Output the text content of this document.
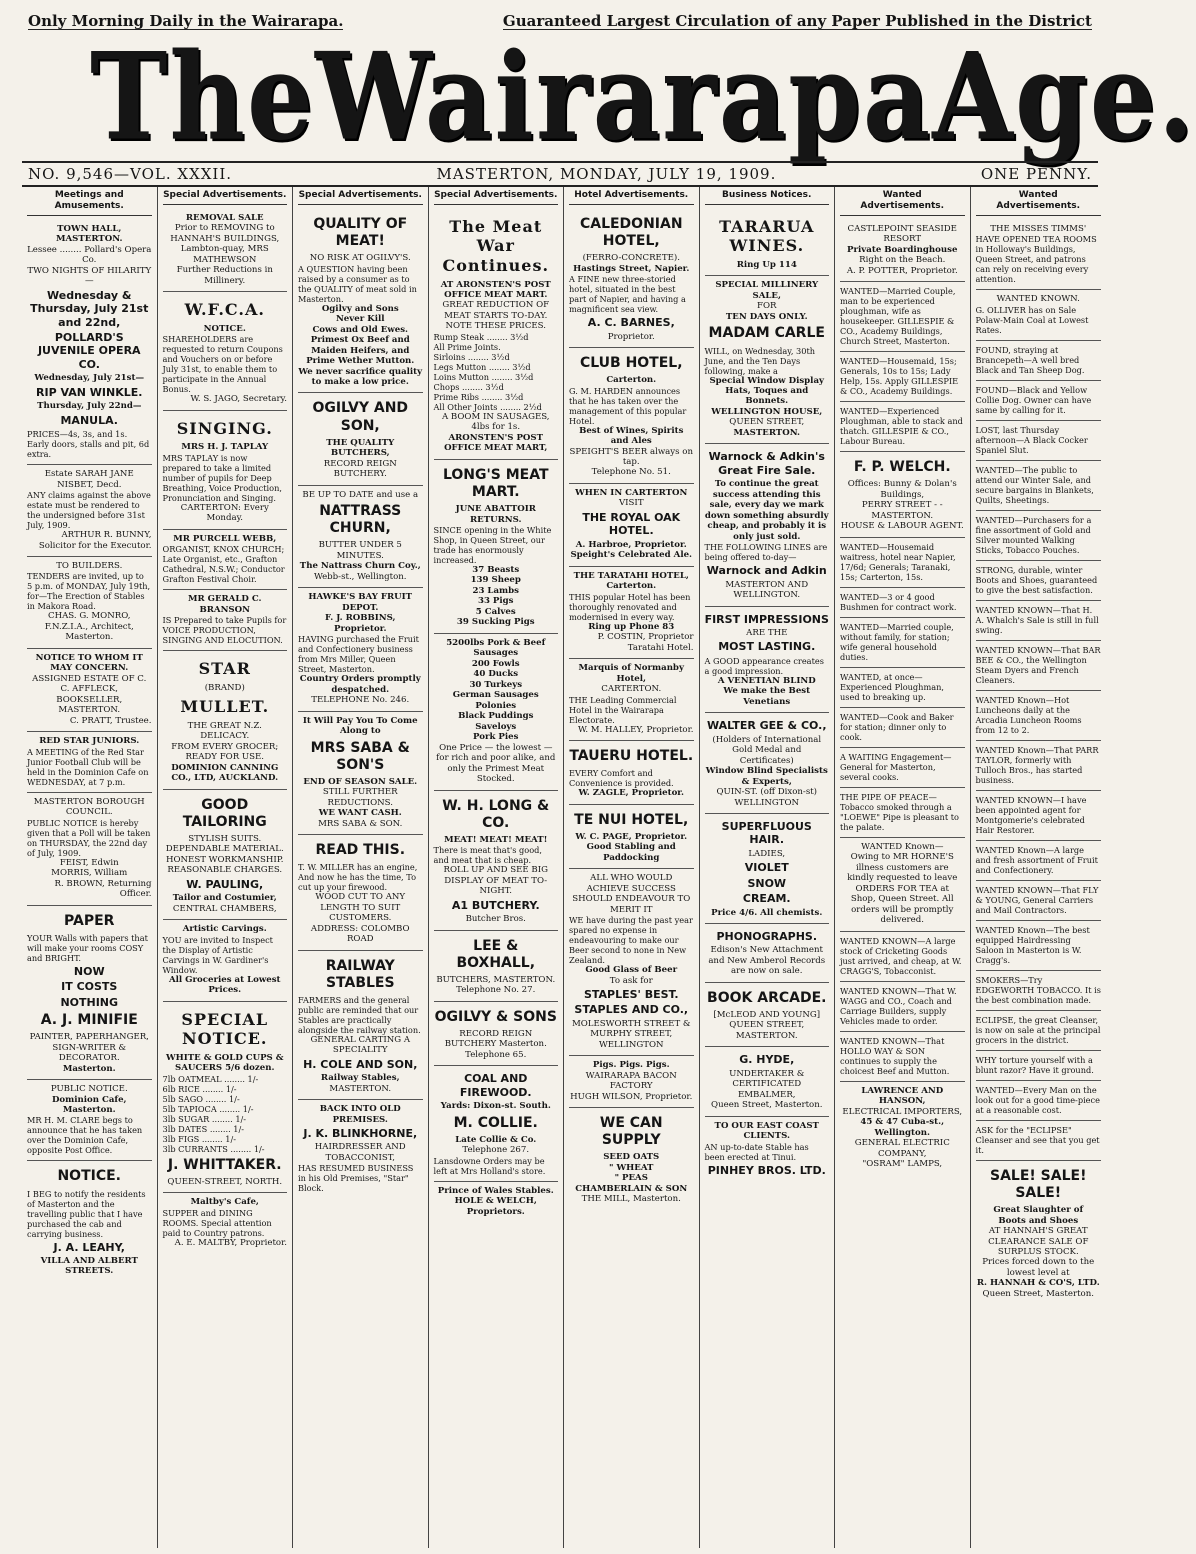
Only Morning Daily in the Wairarapa.	Guaranteed Largest Circulation of any Paper Published in the District
The Wairarapa Age.
NO. 9,546—VOL. XXXII.	MASTERTON, MONDAY, JULY 19, 1909.	ONE PENNY.
Meetings and Amusements.
TOWN HALL, MASTERTON.
Lessee ........ Pollard's Opera Co.
TWO NIGHTS OF HILARITY—
Wednesday & Thursday, July 21st and 22nd,
POLLARD'S JUVENILE OPERA CO.
Wednesday, July 21st—
RIP VAN WINKLE.
Thursday, July 22nd—
MANULA.
PRICES—4s, 3s, and 1s. Early doors, stalls and pit, 6d extra.
Estate SARAH JANE NISBET, Decd.
ANY claims against the above estate must be rendered to the undersigned before 31st July, 1909.
ARTHUR R. BUNNY, Solicitor for the Executor.
TO BUILDERS.
TENDERS are invited, up to 5 p.m. of MONDAY, July 19th, for—The Erection of Stables in Makora Road.
CHAS. G. MONRO, F.N.Z.I.A., Architect, Masterton.
NOTICE TO WHOM IT MAY CONCERN.
ASSIGNED ESTATE OF C. C. AFFLECK, BOOKSELLER, MASTERTON.
C. PRATT, Trustee.
RED STAR JUNIORS.
A MEETING of the Red Star Junior Football Club will be held in the Dominion Cafe on WEDNESDAY, at 7 p.m.
MASTERTON BOROUGH COUNCIL.
PUBLIC NOTICE is hereby given that a Poll will be taken on THURSDAY, the 22nd day of July, 1909.
FEIST, Edwin
MORRIS, William
R. BROWN, Returning Officer.
PAPER
YOUR Walls with papers that will make your rooms COSY and BRIGHT.
NOW
IT COSTS
NOTHING
A. J. MINIFIE
PAINTER, PAPERHANGER, SIGN-WRITER & DECORATOR.
Masterton.
PUBLIC NOTICE.
Dominion Cafe, Masterton.
MR H. M. CLARE begs to announce that he has taken over the Dominion Cafe, opposite Post Office.
NOTICE.
I BEG to notify the residents of Masterton and the travelling public that I have purchased the cab and carrying business.
J. A. LEAHY,
VILLA AND ALBERT STREETS.
Special Advertisements.
REMOVAL SALE
Prior to REMOVING to HANNAH'S BUILDINGS, Lambton-quay, MRS MATHEWSON
Further Reductions in Millinery.
W.F.C.A.
NOTICE.
SHAREHOLDERS are requested to return Coupons and Vouchers on or before July 31st, to enable them to participate in the Annual Bonus.
W. S. JAGO, Secretary.
SINGING.
MRS H. J. TAPLAY
MRS TAPLAY is now prepared to take a limited number of pupils for Deep Breathing, Voice Production, Pronunciation and Singing.
CARTERTON: Every Monday.
MR PURCELL WEBB,
ORGANIST, KNOX CHURCH; Late Organist, etc., Grafton Cathedral, N.S.W.; Conductor Grafton Festival Choir.
MR GERALD C. BRANSON
IS Prepared to take Pupils for VOICE PRODUCTION, SINGING AND ELOCUTION.
STAR
(BRAND)
MULLET.
THE GREAT N.Z. DELICACY.
FROM EVERY GROCER; READY FOR USE.
DOMINION CANNING CO., LTD, AUCKLAND.
GOOD TAILORING
STYLISH SUITS. DEPENDABLE MATERIAL. HONEST WORKMANSHIP. REASONABLE CHARGES.
W. PAULING,
Tailor and Costumier,
CENTRAL CHAMBERS,
Artistic Carvings.
YOU are invited to Inspect the Display of Artistic Carvings in W. Gardiner's Window.
All Groceries at Lowest Prices.
SPECIAL NOTICE.
WHITE & GOLD CUPS & SAUCERS 5/6 dozen.
7lb OATMEAL ........ 1/-
6lb RICE ........ 1/-
5lb SAGO ........ 1/-
5lb TAPIOCA ........ 1/-
3lb SUGAR ........ 1/-
3lb DATES ........ 1/-
3lb FIGS ........ 1/-
3lb CURRANTS ........ 1/-
J. WHITTAKER.
QUEEN-STREET, NORTH.
Maltby's Cafe,
SUPPER and DINING ROOMS. Special attention paid to Country patrons.
A. E. MALTBY, Proprietor.
Special Advertisements.
QUALITY OF MEAT!
NO RISK AT OGILVY'S.
A QUESTION having been raised by a consumer as to the QUALITY of meat sold in Masterton.
Ogilvy and Sons
Never Kill
Cows and Old Ewes.
Primest Ox Beef and Maiden Heifers, and
Prime Wether Mutton.
We never sacrifice quality to make a low price.
OGILVY AND SON,
THE QUALITY BUTCHERS,
RECORD REIGN BUTCHERY.
BE UP TO DATE and use a
NATTRASS CHURN,
BUTTER UNDER 5 MINUTES.
The Nattrass Churn Coy.,
Webb-st., Wellington.
HAWKE'S BAY FRUIT DEPOT.
F. J. ROBBINS, Proprietor.
HAVING purchased the Fruit and Confectionery business from Mrs Miller, Queen Street, Masterton.
Country Orders promptly despatched.
TELEPHONE No. 246.
It Will Pay You To Come Along to
MRS SABA & SON'S
END OF SEASON SALE.
STILL FURTHER REDUCTIONS.
WE WANT CASH.
MRS SABA & SON.
READ THIS.
T. W. MILLER has an engine, And now he has the time, To cut up your firewood.
WOOD CUT TO ANY LENGTH TO SUIT CUSTOMERS.
ADDRESS: COLOMBO ROAD
RAILWAY STABLES
FARMERS and the general public are reminded that our Stables are practically alongside the railway station.
GENERAL CARTING A SPECIALITY
H. COLE AND SON,
Railway Stables,
MASTERTON.
BACK INTO OLD PREMISES.
J. K. BLINKHORNE,
HAIRDRESSER AND TOBACCONIST,
HAS RESUMED BUSINESS in his Old Premises, "Star" Block.
Special Advertisements.
The Meat War Continues.
AT ARONSTEN'S POST OFFICE MEAT MART.
GREAT REDUCTION OF MEAT STARTS TO-DAY.
NOTE THESE PRICES.
Rump Steak ........ 3½d
All Prime Joints.
Sirloins ........ 3½d
Legs Mutton ........ 3½d
Loins Mutton ........ 3½d
Chops ........ 3½d
Prime Ribs ........ 3½d
All Other Joints ........ 2½d
A BOOM IN SAUSAGES, 4lbs for 1s.
ARONSTEN'S POST OFFICE MEAT MART,
LONG'S MEAT MART.
JUNE ABATTOIR RETURNS.
SINCE opening in the White Shop, in Queen Street, our trade has enormously increased.
37 Beasts
139 Sheep
23 Lambs
33 Pigs
5 Calves
39 Sucking Pigs
5200lbs Pork & Beef Sausages
200 Fowls
40 Ducks
30 Turkeys
German Sausages
Polonies
Black Puddings
Saveloys
Pork Pies
One Price — the lowest — for rich and poor alike, and only the Primest Meat Stocked.
W. H. LONG & CO.
MEAT! MEAT! MEAT!
There is meat that's good, and meat that is cheap.
ROLL UP AND SEE BIG DISPLAY OF MEAT TO-NIGHT.
A1 BUTCHERY.
Butcher Bros.
LEE & BOXHALL,
BUTCHERS, MASTERTON.
Telephone No. 27.
OGILVY & SONS
RECORD REIGN BUTCHERY Masterton.
Telephone 65.
COAL AND FIREWOOD.
Yards: Dixon-st. South.
M. COLLIE.
Late Collie & Co.
Telephone 267.
Lansdowne Orders may be left at Mrs Holland's store.
Prince of Wales Stables.
HOLE & WELCH, Proprietors.
Hotel Advertisements.
CALEDONIAN HOTEL,
(FERRO-CONCRETE).
Hastings Street, Napier.
A FINE new three-storied hotel, situated in the best part of Napier, and having a magnificent sea view.
A. C. BARNES,
Proprietor.
CLUB HOTEL,
Carterton.
G. M. HARDEN announces that he has taken over the management of this popular Hotel.
Best of Wines, Spirits and Ales
SPEIGHT'S BEER always on tap.
Telephone No. 51.
WHEN IN CARTERTON
VISIT
THE ROYAL OAK HOTEL.
A. Harbroe, Proprietor.
Speight's Celebrated Ale.
THE TARATAHI HOTEL, Carterton.
THIS popular Hotel has been thoroughly renovated and modernised in every way.
Ring up Phone 83
P. COSTIN, Proprietor Taratahi Hotel.
Marquis of Normanby Hotel,
CARTERTON.
THE Leading Commercial Hotel in the Wairarapa Electorate.
W. M. HALLEY, Proprietor.
TAUERU HOTEL.
EVERY Comfort and Convenience is provided.
W. ZAGLE, Proprietor.
TE NUI HOTEL,
W. C. PAGE, Proprietor.
Good Stabling and Paddocking
ALL WHO WOULD ACHIEVE SUCCESS SHOULD ENDEAVOUR TO MERIT IT
WE have during the past year spared no expense in endeavouring to make our Beer second to none in New Zealand.
Good Glass of Beer
To ask for
STAPLES' BEST.
STAPLES AND CO.,
MOLESWORTH STREET & MURPHY STREET,
WELLINGTON
Pigs. Pigs. Pigs.
WAIRARAPA BACON FACTORY
HUGH WILSON, Proprietor.
WE CAN SUPPLY
SEED OATS
" WHEAT
" PEAS
CHAMBERLAIN & SON
THE MILL, Masterton.
Business Notices.
TARARUA WINES.
Ring Up 114
SPECIAL MILLINERY SALE,
FOR
TEN DAYS ONLY.
MADAM CARLE
WILL, on Wednesday, 30th June, and the Ten Days following, make a
Special Window Display
Hats, Toques and Bonnets.
WELLINGTON HOUSE,
QUEEN STREET,
MASTERTON.
Warnock & Adkin's Great Fire Sale.
To continue the great success attending this sale, every day we mark down something absurdly cheap, and probably it is only just sold.
THE FOLLOWING LINES are being offered to-day—
Warnock and Adkin
MASTERTON AND WELLINGTON.
FIRST IMPRESSIONS
ARE THE
MOST LASTING.
A GOOD appearance creates a good impression.
A VENETIAN BLIND
We make the Best Venetians
WALTER GEE & CO.,
(Holders of International Gold Medal and Certificates)
Window Blind Specialists & Experts,
QUIN-ST. (off Dixon-st) WELLINGTON
SUPERFLUOUS HAIR.
LADIES,
VIOLET
SNOW
CREAM.
Price 4/6. All chemists.
PHONOGRAPHS.
Edison's New Attachment and New Amberol Records are now on sale.
BOOK ARCADE.
[McLEOD AND YOUNG]
QUEEN STREET, MASTERTON.
G. HYDE,
UNDERTAKER & CERTIFICATED EMBALMER,
Queen Street, Masterton.
TO OUR EAST COAST CLIENTS.
AN up-to-date Stable has been erected at Tinui.
PINHEY BROS. LTD.
Wanted Advertisements.
CASTLEPOINT SEASIDE RESORT
Private Boardinghouse
Right on the Beach.
A. P. POTTER, Proprietor.
WANTED—Married Couple, man to be experienced ploughman, wife as housekeeper. GILLESPIE & CO., Academy Buildings, Church Street, Masterton.
WANTED—Housemaid, 15s; Generals, 10s to 15s; Lady Help, 15s. Apply GILLESPIE & CO., Academy Buildings.
WANTED—Experienced Ploughman, able to stack and thatch. GILLESPIE & CO., Labour Bureau.
F. P. WELCH.
Offices: Bunny & Dolan's Buildings,
PERRY STREET - - MASTERTON.
HOUSE & LABOUR AGENT.
WANTED—Housemaid waitress, hotel near Napier, 17/6d; Generals; Taranaki, 15s; Carterton, 15s.
WANTED—3 or 4 good Bushmen for contract work.
WANTED—Married couple, without family, for station; wife general household duties.
WANTED, at once—Experienced Ploughman, used to breaking up.
WANTED—Cook and Baker for station; dinner only to cook.
A WAITING Engagement—General for Masterton, several cooks.
THE PIPE OF PEACE—Tobacco smoked through a "LOEWE" Pipe is pleasant to the palate.
WANTED Known—
Owing to MR HORNE'S
illness customers are
kindly requested to leave
ORDERS FOR TEA at
Shop, Queen Street. All
orders will be promptly
delivered.
WANTED KNOWN—A large stock of Cricketing Goods just arrived, and cheap, at W. CRAGG'S, Tobacconist.
WANTED KNOWN—That W. WAGG and CO., Coach and Carriage Builders, supply Vehicles made to order.
WANTED KNOWN—That HOLLO WAY & SON continues to supply the choicest Beef and Mutton.
LAWRENCE AND HANSON,
ELECTRICAL IMPORTERS,
45 & 47 Cuba-st., Wellington.
GENERAL ELECTRIC COMPANY,
"OSRAM" LAMPS,
Wanted Advertisements.
THE MISSES TIMMS'
HAVE OPENED TEA ROOMS in Holloway's Buildings, Queen Street, and patrons can rely on receiving every attention.
WANTED KNOWN.
G. OLLIVER has on Sale Polaw-Main Coal at Lowest Rates.
FOUND, straying at Brancepeth—A well bred Black and Tan Sheep Dog.
FOUND—Black and Yellow Collie Dog. Owner can have same by calling for it.
LOST, last Thursday afternoon—A Black Cocker Spaniel Slut.
WANTED—The public to attend our Winter Sale, and secure bargains in Blankets, Quilts, Sheetings.
WANTED—Purchasers for a fine assortment of Gold and Silver mounted Walking Sticks, Tobacco Pouches.
STRONG, durable, winter Boots and Shoes, guaranteed to give the best satisfaction.
WANTED KNOWN—That H. A. Whalch's Sale is still in full swing.
WANTED KNOWN—That BAR BEE & CO., the Wellington Steam Dyers and French Cleaners.
WANTED Known—Hot Luncheons daily at the Arcadia Luncheon Rooms from 12 to 2.
WANTED Known—That PARR TAYLOR, formerly with Tulloch Bros., has started business.
WANTED KNOWN—I have been appointed agent for Montgomerie's celebrated Hair Restorer.
WANTED Known—A large and fresh assortment of Fruit and Confectionery.
WANTED KNOWN—That FLY & YOUNG, General Carriers and Mail Contractors.
WANTED Known—The best equipped Hairdressing Saloon in Masterton is W. Cragg's.
SMOKERS—Try EDGEWORTH TOBACCO. It is the best combination made.
ECLIPSE, the great Cleanser, is now on sale at the principal grocers in the district.
WHY torture yourself with a blunt razor? Have it ground.
WANTED—Every Man on the look out for a good time-piece at a reasonable cost.
ASK for the "ECLIPSE" Cleanser and see that you get it.
SALE! SALE! SALE!
Great Slaughter of
Boots and Shoes
AT HANNAH'S GREAT CLEARANCE SALE OF SURPLUS STOCK.
Prices forced down to the lowest level at
R. HANNAH & CO'S, LTD.
Queen Street, Masterton.
